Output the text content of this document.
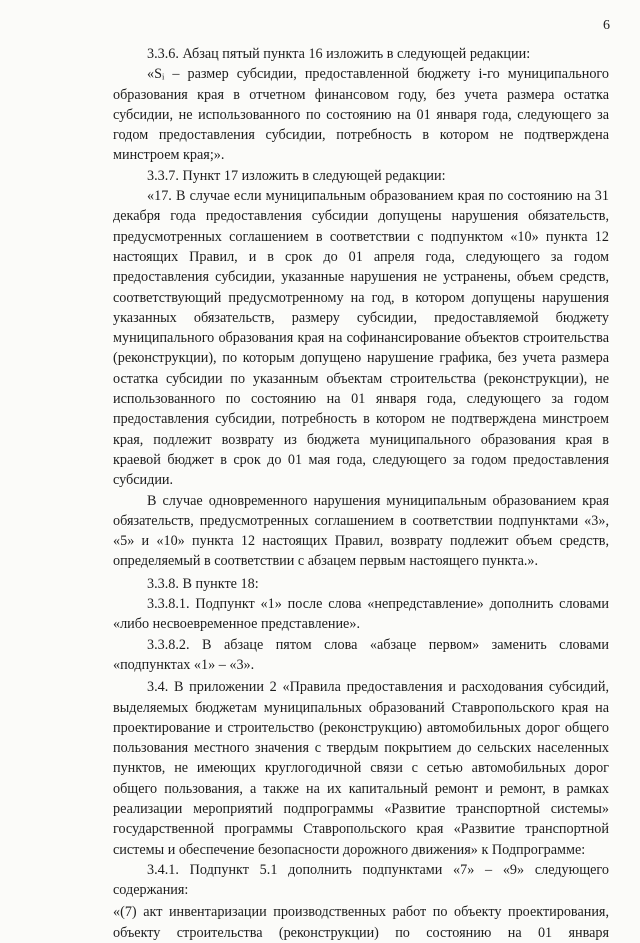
6

3.3.6. Абзац пятый пункта 16 изложить в следующей редакции:

«Sᵢ – размер субсидии, предоставленной бюджету i-го муниципального образования края в отчетном финансовом году, без учета размера остатка субсидии, не использованного по состоянию на 01 января года, следующего за годом предоставления субсидии, потребность в котором не подтверждена минстроем края;».

3.3.7. Пункт 17 изложить в следующей редакции:

«17. В случае если муниципальным образованием края по состоянию на 31 декабря года предоставления субсидии допущены нарушения обязательств, предусмотренных соглашением в соответствии с подпунктом «10» пункта 12 настоящих Правил, и в срок до 01 апреля года, следующего за годом предоставления субсидии, указанные нарушения не устранены, объем средств, соответствующий предусмотренному на год, в котором допущены нарушения указанных обязательств, размеру субсидии, предоставляемой бюджету муниципального образования края на софинансирование объектов строительства (реконструкции), по которым допущено нарушение графика, без учета размера остатка субсидии по указанным объектам строительства (реконструкции), не использованного по состоянию на 01 января года, следующего за годом предоставления субсидии, потребность в котором не подтверждена минстроем края, подлежит возврату из бюджета муниципального образования края в краевой бюджет в срок до 01 мая года, следующего за годом предоставления субсидии.

В случае одновременного нарушения муниципальным образованием края обязательств, предусмотренных соглашением в соответствии подпунктами «3», «5» и «10» пункта 12 настоящих Правил, возврату подлежит объем средств, определяемый в соответствии с абзацем первым настоящего пункта.».

3.3.8. В пункте 18:

3.3.8.1. Подпункт «1» после слова «непредставление» дополнить словами «либо несвоевременное представление».

3.3.8.2. В абзаце пятом слова «абзаце первом» заменить словами «подпунктах «1» – «3».

3.4. В приложении 2 «Правила предоставления и расходования субсидий, выделяемых бюджетам муниципальных образований Ставропольского края на проектирование и строительство (реконструкцию) автомобильных дорог общего пользования местного значения с твердым покрытием до сельских населенных пунктов, не имеющих круглогодичной связи с сетью автомобильных дорог общего пользования, а также на их капитальный ремонт и ремонт, в рамках реализации мероприятий подпрограммы «Развитие транспортной системы» государственной программы Ставропольского края «Развитие транспортной системы и обеспечение безопасности дорожного движения» к Подпрограмме:

3.4.1. Подпункт 5.1 дополнить подпунктами «7» – «9» следующего содержания:

«(7) акт инвентаризации производственных работ по объекту проектирования, объекту строительства (реконструкции) по состоянию на 01 января
